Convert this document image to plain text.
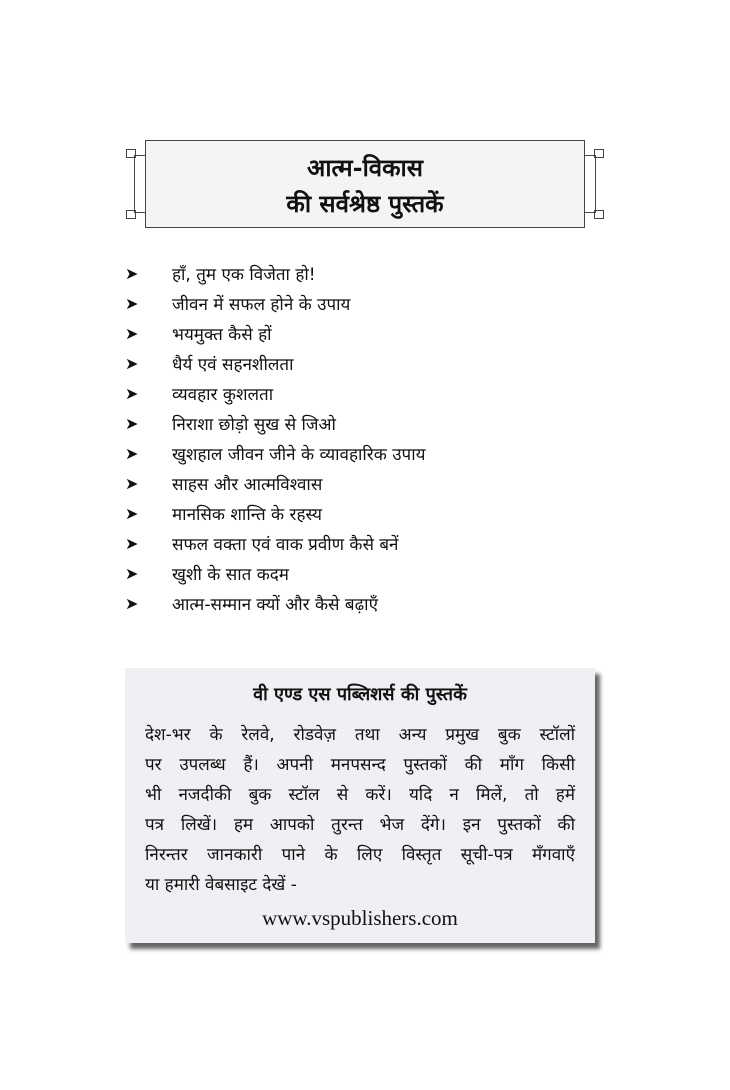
आत्म-विकास
की सर्वश्रेष्ठ पुस्तकें
➤	हाँ, तुम एक विजेता हो!
➤	जीवन में सफल होने के उपाय
➤	भयमुक्त कैसे हों
➤	धैर्य एवं सहनशीलता
➤	व्यवहार कुशलता
➤	निराशा छोड़ो सुख से जिओ
➤	खुशहाल जीवन जीने के व्यावहारिक उपाय
➤	साहस और आत्मविश्वास
➤	मानसिक शान्ति के रहस्य
➤	सफल वक्ता एवं वाक प्रवीण कैसे बनें
➤	खुशी के सात कदम
➤	आत्म-सम्मान क्यों और कैसे बढ़ाएँ
वी एण्ड एस पब्लिशर्स की पुस्तकें
देश-भर के रेलवे, रोडवेज़ तथा अन्य प्रमुख बुक स्टॉलों
पर उपलब्ध हैं। अपनी मनपसन्द पुस्तकों की माँग किसी
भी नजदीकी बुक स्टॉल से करें। यदि न मिलें, तो हमें
पत्र लिखें। हम आपको तुरन्त भेज देंगे। इन पुस्तकों की
निरन्तर जानकारी पाने के लिए विस्तृत सूची-पत्र मँगवाएँ
या हमारी वेबसाइट देखें -
www.vspublishers.com
